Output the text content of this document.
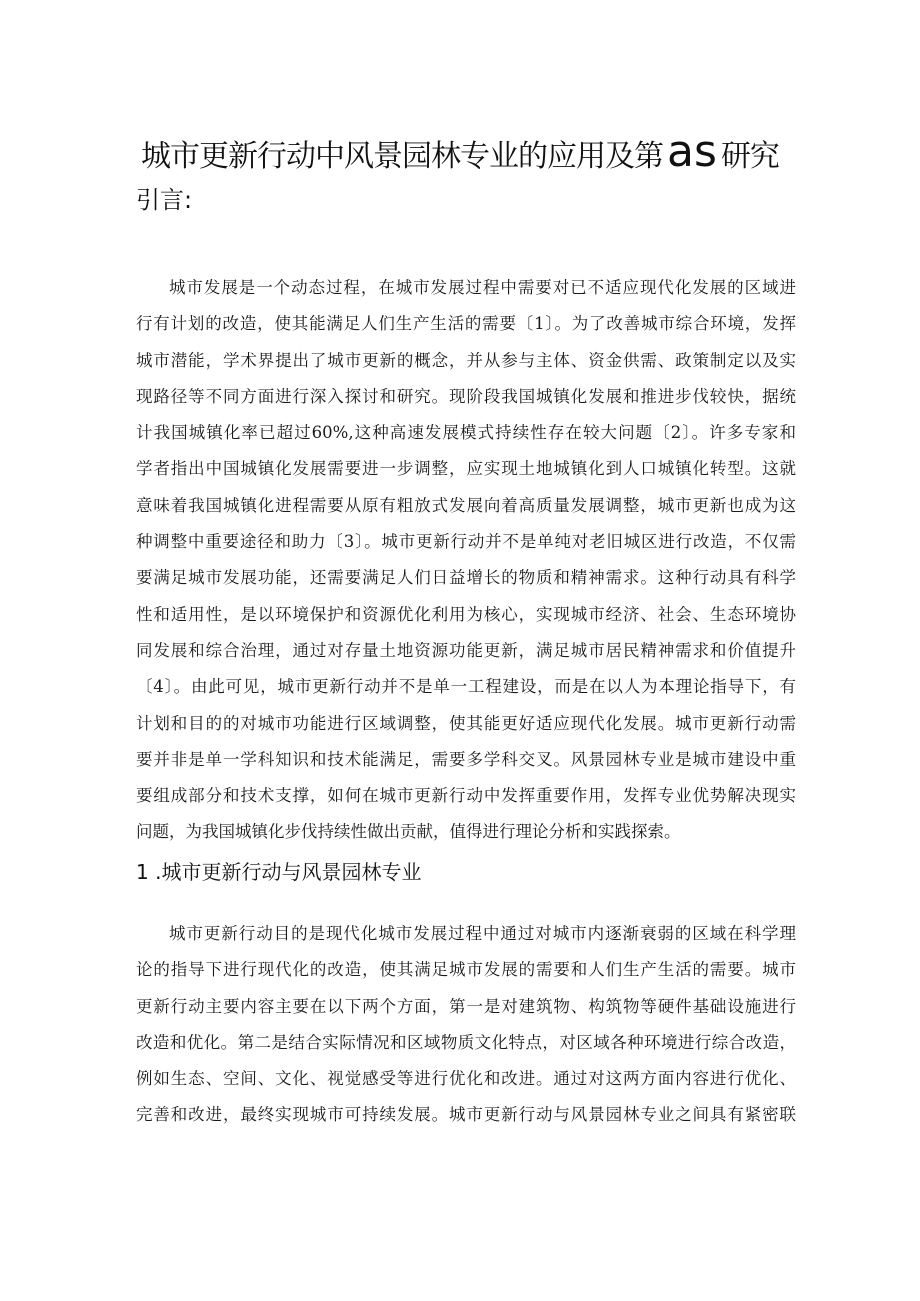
城市更新行动中风景园林专业的应用及第as 研究
引言:
城市发展是一个动态过程，在城市发展过程中需要对已不适应现代化发展的区域进
行有计划的改造，使其能满足人们生产生活的需要〔1〕。为了改善城市综合环境，发挥
城市潜能，学术界提出了城市更新的概念，并从参与主体、资金供需、政策制定以及实
现路径等不同方面进行深入探讨和研究。现阶段我国城镇化发展和推进步伐较快，据统
计我国城镇化率已超过60%,这种高速发展模式持续性存在较大问题〔2〕。许多专家和
学者指出中国城镇化发展需要进一步调整，应实现土地城镇化到人口城镇化转型。这就
意味着我国城镇化进程需要从原有粗放式发展向着高质量发展调整，城市更新也成为这
种调整中重要途径和助力〔3〕。城市更新行动并不是单纯对老旧城区进行改造，不仅需
要满足城市发展功能，还需要满足人们日益增长的物质和精神需求。这种行动具有科学
性和适用性，是以环境保护和资源优化利用为核心，实现城市经济、社会、生态环境协
同发展和综合治理，通过对存量土地资源功能更新，满足城市居民精神需求和价值提升
〔4〕。由此可见，城市更新行动并不是单一工程建设，而是在以人为本理论指导下，有
计划和目的的对城市功能进行区域调整，使其能更好适应现代化发展。城市更新行动需
要并非是单一学科知识和技术能满足，需要多学科交叉。风景园林专业是城市建设中重
要组成部分和技术支撑，如何在城市更新行动中发挥重要作用，发挥专业优势解决现实
问题，为我国城镇化步伐持续性做出贡献，值得进行理论分析和实践探索。
1 .城市更新行动与风景园林专业
城市更新行动目的是现代化城市发展过程中通过对城市内逐渐衰弱的区域在科学理
论的指导下进行现代化的改造，使其满足城市发展的需要和人们生产生活的需要。城市
更新行动主要内容主要在以下两个方面，第一是对建筑物、构筑物等硬件基础设施进行
改造和优化。第二是结合实际情况和区域物质文化特点，对区域各种环境进行综合改造，
例如生态、空间、文化、视觉感受等进行优化和改进。通过对这两方面内容进行优化、
完善和改进，最终实现城市可持续发展。城市更新行动与风景园林专业之间具有紧密联
